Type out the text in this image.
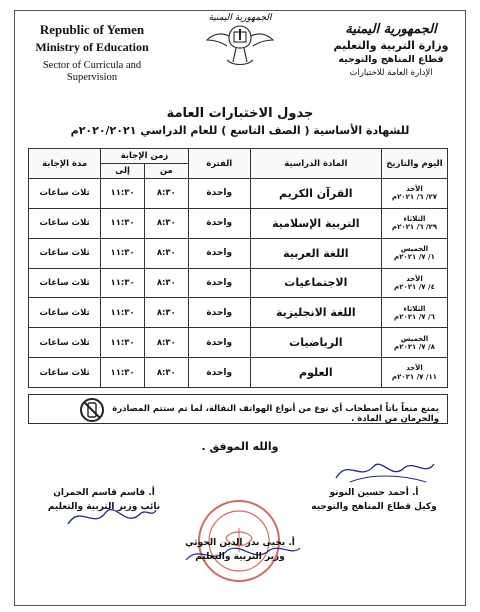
Republic of Yemen
Ministry of Education
Sector of Curricula and Supervision
الجمهورية اليمنية
الجمهورية اليمنية
وزارة التربية والتعليم
قطاع المناهج والتوجيه
الإدارة العامة للاختبارات
جدول الاختبارات العامة
للشهادة الأساسية ( الصف التاسع ) للعام الدراسي ٢٠٢٠/٢٠٢١م
اليوم والتاريخ	المادة الدراسية	الفترة	زمن الإجابة		مدة الإجابة
			من	إلى	

الأحد
٢٧/ ٦/ ٢٠٢١م	القرآن الكريم	واحدة	٨:٣٠	١١:٣٠	ثلاث ساعات

الثلاثاء
٢٩/ ٦/ ٢٠٢١م	التربية الإسلامية	واحدة	٨:٣٠	١١:٣٠	ثلاث ساعات

الخميس
١/ ٧/ ٢٠٢١م	اللغة العربية	واحدة	٨:٣٠	١١:٣٠	ثلاث ساعات

الأحد
٤/ ٧/ ٢٠٢١م	الاجتماعيات	واحدة	٨:٣٠	١١:٣٠	ثلاث ساعات

الثلاثاء
٦/ ٧/ ٢٠٢١م	اللغة الانجليزية	واحدة	٨:٣٠	١١:٣٠	ثلاث ساعات

الخميس
٨/ ٧/ ٢٠٢١م	الرياضيات	واحدة	٨:٣٠	١١:٣٠	ثلاث ساعات

الأحد
١١/ ٧/ ٢٠٢١م	العلوم	واحدة	٨:٣٠	١١:٣٠	ثلاث ساعات
يمنع منعاً باتاً اصطحاب أي نوع من أنواع الهواتف النقالة، لما تم ستتم المصادرة والحرمان من المادة .
والله الموفق .
أ. أحمد حسين النونو
وكيل قطاع المناهج والتوجيه
أ. قاسم قاسم الحمران
نائب وزير التربية والتعليم
أ. يحيى بدر الدين الحوثي
وزير التربية والتعليم
